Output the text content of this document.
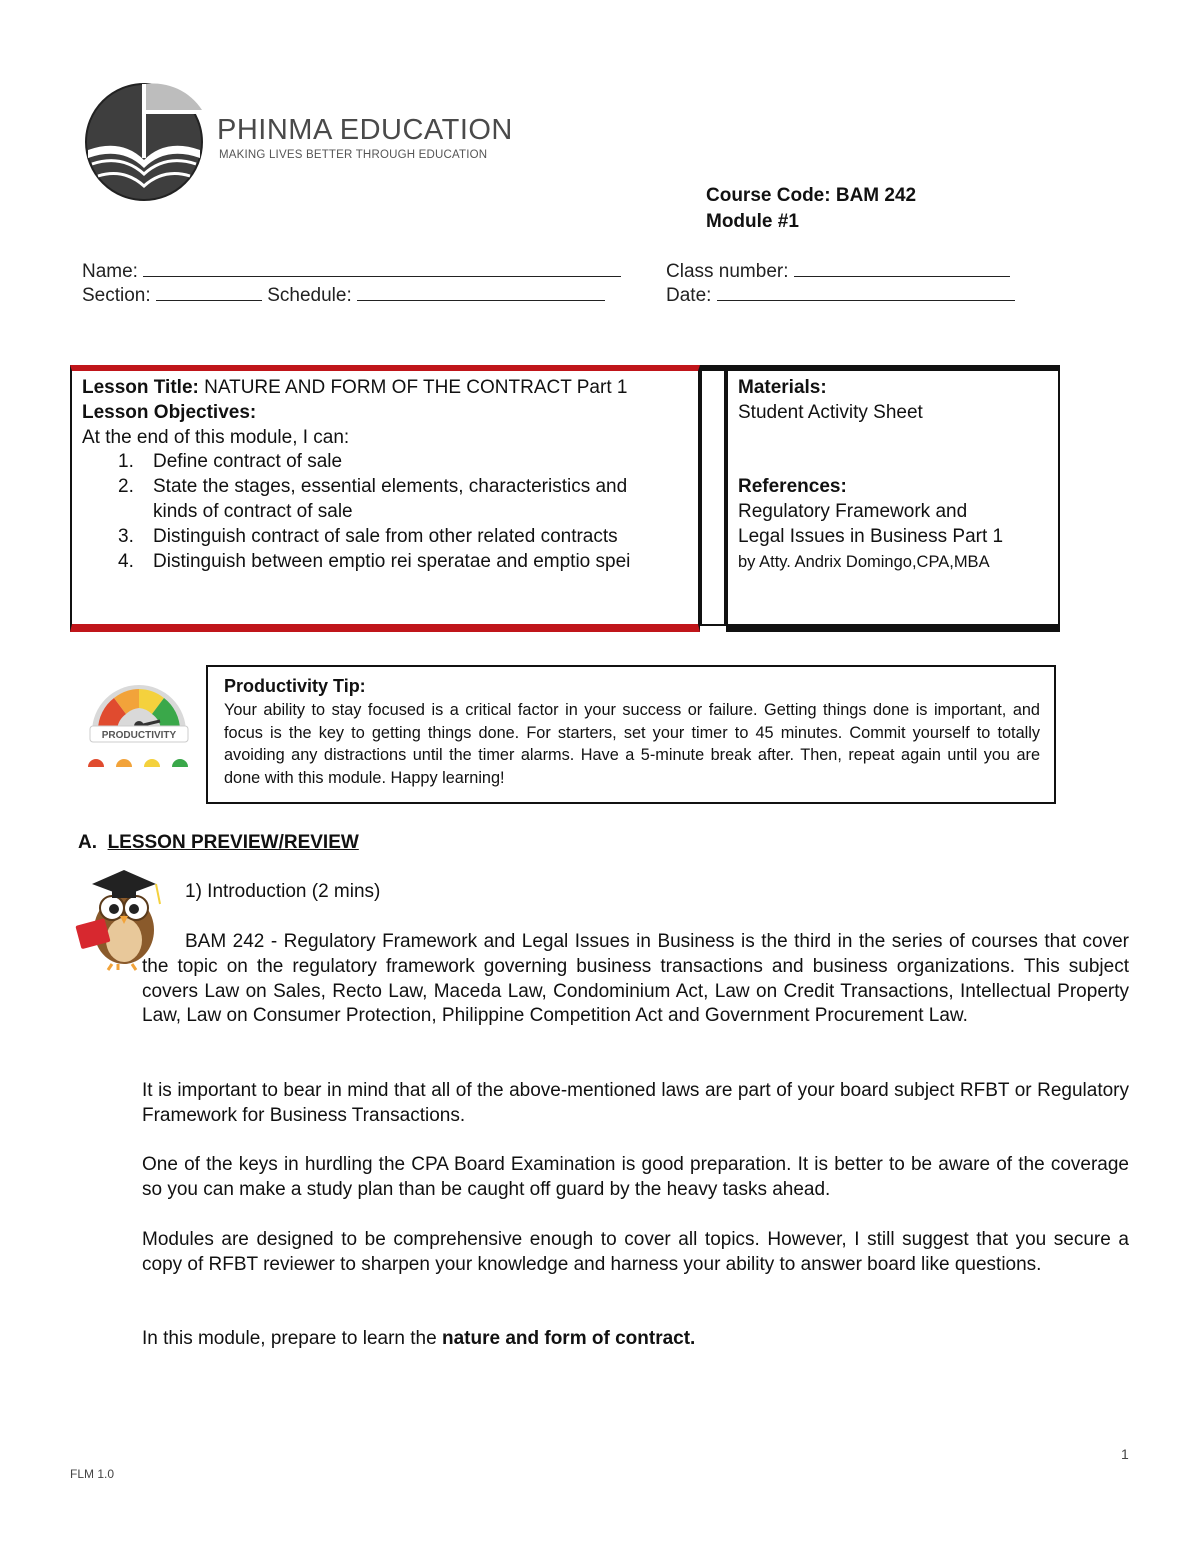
PHINMA EDUCATION
MAKING LIVES BETTER THROUGH EDUCATION
Course Code: BAM 242
Module #1
Name:	Class number:
Section:	Schedule:	Date:
Lesson Title: NATURE AND FORM OF THE CONTRACT Part 1
Lesson Objectives:
At the end of this module, I can:
1. Define contract of sale
2. State the stages, essential elements, characteristics and kinds of contract of sale
3. Distinguish contract of sale from other related contracts
4. Distinguish between emptio rei speratae and emptio spei
Materials:
Student Activity Sheet
References:
Regulatory Framework and
Legal Issues in Business Part 1
by Atty. Andrix Domingo,CPA,MBA
PRODUCTIVITY
Productivity Tip:
Your ability to stay focused is a critical factor in your success or failure. Getting things done is important, and focus is the key to getting things done. For starters, set your timer to 45 minutes. Commit yourself to totally avoiding any distractions until the timer alarms. Have a 5-minute break after. Then, repeat again until you are done with this module. Happy learning!
A. LESSON PREVIEW/REVIEW
1) Introduction (2 mins)
BAM 242 - Regulatory Framework and Legal Issues in Business is the third in the series of courses that cover the topic on the regulatory framework governing business transactions and business organizations. This subject covers Law on Sales, Recto Law, Maceda Law, Condominium Act, Law on Credit Transactions, Intellectual Property Law, Law on Consumer Protection, Philippine Competition Act and Government Procurement Law.
It is important to bear in mind that all of the above-mentioned laws are part of your board subject RFBT or Regulatory Framework for Business Transactions.
One of the keys in hurdling the CPA Board Examination is good preparation. It is better to be aware of the coverage so you can make a study plan than be caught off guard by the heavy tasks ahead.
Modules are designed to be comprehensive enough to cover all topics. However, I still suggest that you secure a copy of RFBT reviewer to sharpen your knowledge and harness your ability to answer board like questions.
In this module, prepare to learn the nature and form of contract.
1
FLM 1.0
